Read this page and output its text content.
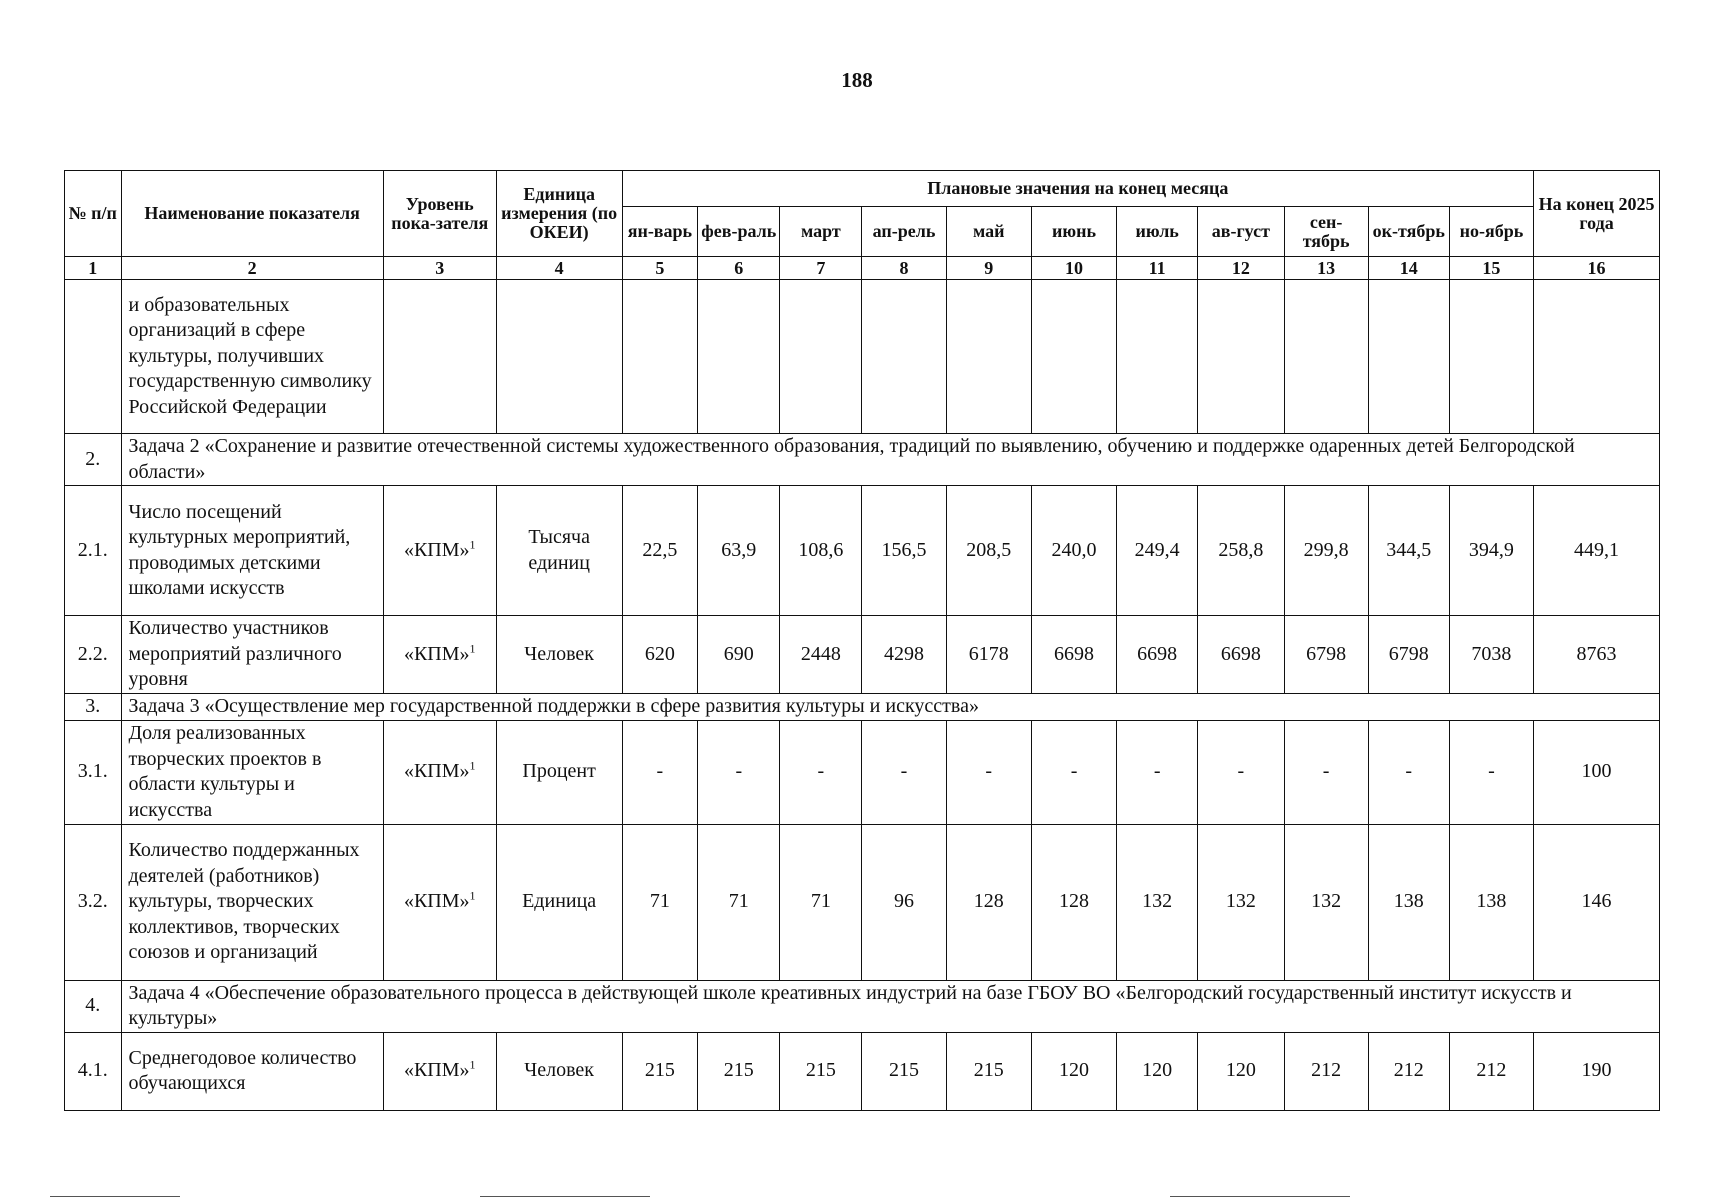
188
№ п/п	Наименование показателя	Уровень пока-зателя	Единица измерения (по ОКЕИ)	Плановые значения на конец месяца											На конец 2025 года
				ян-варь	фев-раль	март	ап-рель	май	июнь	июль	ав-густ	сен-тябрь	ок-тябрь	но-ябрь	
1	2	3	4	5	6	7	8	9	10	11	12	13	14	15	16
	и образовательных организаций в сфере культуры, получивших государственную символику Российской Федерации														
2.	Задача 2 «Сохранение и развитие отечественной системы художественного образования, традиций по выявлению, обучению и поддержке одаренных детей Белгородской области»														
2.1.	Число посещений культурных мероприятий, проводимых детскими школами искусств	«КПМ»$^1$	Тысяча единиц	22,5	63,9	108,6	156,5	208,5	240,0	249,4	258,8	299,8	344,5	394,9	449,1
2.2.	Количество участников мероприятий различного уровня	«КПМ»$^1$	Человек	620	690	2448	4298	6178	6698	6698	6698	6798	6798	7038	8763
3.	Задача 3 «Осуществление мер государственной поддержки в сфере развития культуры и искусства»														
3.1.	Доля реализованных творческих проектов в области культуры и искусства	«КПМ»$^1$	Процент	-	-	-	-	-	-	-	-	-	-	-	100
3.2.	Количество поддержанных деятелей (работников) культуры, творческих коллективов, творческих союзов и организаций	«КПМ»$^1$	Единица	71	71	71	96	128	128	132	132	132	138	138	146
4.	Задача 4 «Обеспечение образовательного процесса в действующей школе креативных индустрий на базе ГБОУ ВО «Белгородский государственный институт искусств и культуры»														
4.1.	Среднегодовое количество обучающихся	«КПМ»$^1$	Человек	215	215	215	215	215	120	120	120	212	212	212	190
